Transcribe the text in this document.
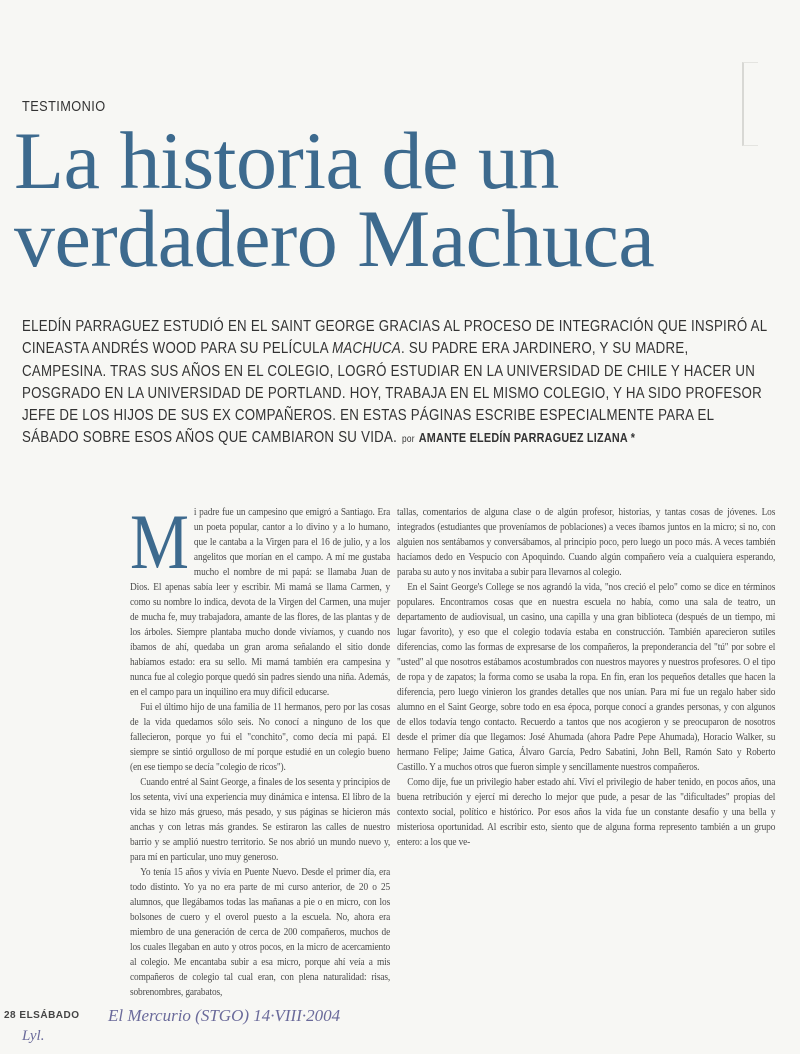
TESTIMONIO
La historia de un
verdadero Machuca
ELEDÍN PARRAGUEZ ESTUDIÓ EN EL SAINT GEORGE GRACIAS AL PROCESO DE INTEGRACIÓN QUE INSPIRÓ AL CINEASTA ANDRÉS WOOD PARA SU PELÍCULA MACHUCA. SU PADRE ERA JARDINERO, Y SU MADRE, CAMPESINA. TRAS SUS AÑOS EN EL COLEGIO, LOGRÓ ESTUDIAR EN LA UNIVERSIDAD DE CHILE Y HACER UN POSGRADO EN LA UNIVERSIDAD DE PORTLAND. HOY, TRABAJA EN EL MISMO COLEGIO, Y HA SIDO PROFESOR JEFE DE LOS HIJOS DE SUS EX COMPAÑEROS. EN ESTAS PÁGINAS ESCRIBE ESPECIALMENTE PARA EL SÁBADO SOBRE ESOS AÑOS QUE CAMBIARON SU VIDA. por AMANTE ELEDÍN PARRAGUEZ LIZANA *

Mi padre fue un campesino que emigró a Santiago. Era un poeta popular, cantor a lo divino y a lo humano, que le cantaba a la Virgen para el 16 de julio, y a los angelitos que morían en el campo. A mí me gustaba mucho el nombre de mi papá: se llamaba Juan de Dios. El apenas sabía leer y escribir. Mi mamá se llama Carmen, y como su nombre lo indica, devota de la Virgen del Carmen, una mujer de mucha fe, muy trabajadora, amante de las flores, de las plantas y de los árboles. Siempre plantaba mucho donde vivíamos, y cuando nos íbamos de ahí, quedaba un gran aroma señalando el sitio donde habíamos estado: era su sello. Mi mamá también era campesina y nunca fue al colegio porque quedó sin padres siendo una niña. Además, en el campo para un inquilino era muy difícil educarse.

Fui el último hijo de una familia de 11 hermanos, pero por las cosas de la vida quedamos sólo seis. No conocí a ninguno de los que fallecieron, porque yo fui el "conchito", como decía mi papá. El siempre se sintió orgulloso de mí porque estudié en un colegio bueno (en ese tiempo se decía "colegio de ricos").

Cuando entré al Saint George, a finales de los sesenta y principios de los setenta, viví una experiencia muy dinámica e intensa. El libro de la vida se hizo más grueso, más pesado, y sus páginas se hicieron más anchas y con letras más grandes. Se estiraron las calles de nuestro barrio y se amplió nuestro territorio. Se nos abrió un mundo nuevo y, para mí en particular, uno muy generoso.

Yo tenía 15 años y vivía en Puente Nuevo. Desde el primer día, era todo distinto. Yo ya no era parte de mi curso anterior, de 20 o 25 alumnos, que llegábamos todas las mañanas a pie o en micro, con los bolsones de cuero y el overol puesto a la escuela. No, ahora era miembro de una generación de cerca de 200 compañeros, muchos de los cuales llegaban en auto y otros pocos, en la micro de acercamiento al colegio. Me encantaba subir a esa micro, porque ahí veía a mis compañeros de colegio tal cual eran, con plena naturalidad: risas, sobrenombres, garabatos,

tallas, comentarios de alguna clase o de algún profesor, historias, y tantas cosas de jóvenes. Los integrados (estudiantes que proveníamos de poblaciones) a veces íbamos juntos en la micro; si no, con alguien nos sentábamos y conversábamos, al principio poco, pero luego un poco más. A veces también hacíamos dedo en Vespucio con Apoquindo. Cuando algún compañero veía a cualquiera esperando, paraba su auto y nos invitaba a subir para llevarnos al colegio.

En el Saint George's College se nos agrandó la vida, "nos creció el pelo" como se dice en términos populares. Encontramos cosas que en nuestra escuela no había, como una sala de teatro, un departamento de audiovisual, un casino, una capilla y una gran biblioteca (después de un tiempo, mi lugar favorito), y eso que el colegio todavía estaba en construcción. También aparecieron sutiles diferencias, como las formas de expresarse de los compañeros, la preponderancia del "tú" por sobre el "usted" al que nosotros estábamos acostumbrados con nuestros mayores y nuestros profesores. O el tipo de ropa y de zapatos; la forma como se usaba la ropa. En fin, eran los pequeños detalles que hacen la diferencia, pero luego vinieron los grandes detalles que nos unían. Para mí fue un regalo haber sido alumno en el Saint George, sobre todo en esa época, porque conocí a grandes personas, y con algunos de ellos todavía tengo contacto. Recuerdo a tantos que nos acogieron y se preocuparon de nosotros desde el primer día que llegamos: José Ahumada (ahora Padre Pepe Ahumada), Horacio Walker, su hermano Felipe; Jaime Gatica, Álvaro García, Pedro Sabatini, John Bell, Ramón Sato y Roberto Castillo. Y a muchos otros que fueron simple y sencillamente nuestros compañeros.

Como dije, fue un privilegio haber estado ahí. Viví el privilegio de haber tenido, en pocos años, una buena retribución y ejercí mi derecho lo mejor que pude, a pesar de las "dificultades" propias del contexto social, político e histórico. Por esos años la vida fue un constante desafío y una bella y misteriosa oportunidad. Al escribir esto, siento que de alguna forma represento también a un grupo entero: a los que ve-

28 ELSÁBADO El Mercurio (STGO) 14·VIII·2004
Lyl.
